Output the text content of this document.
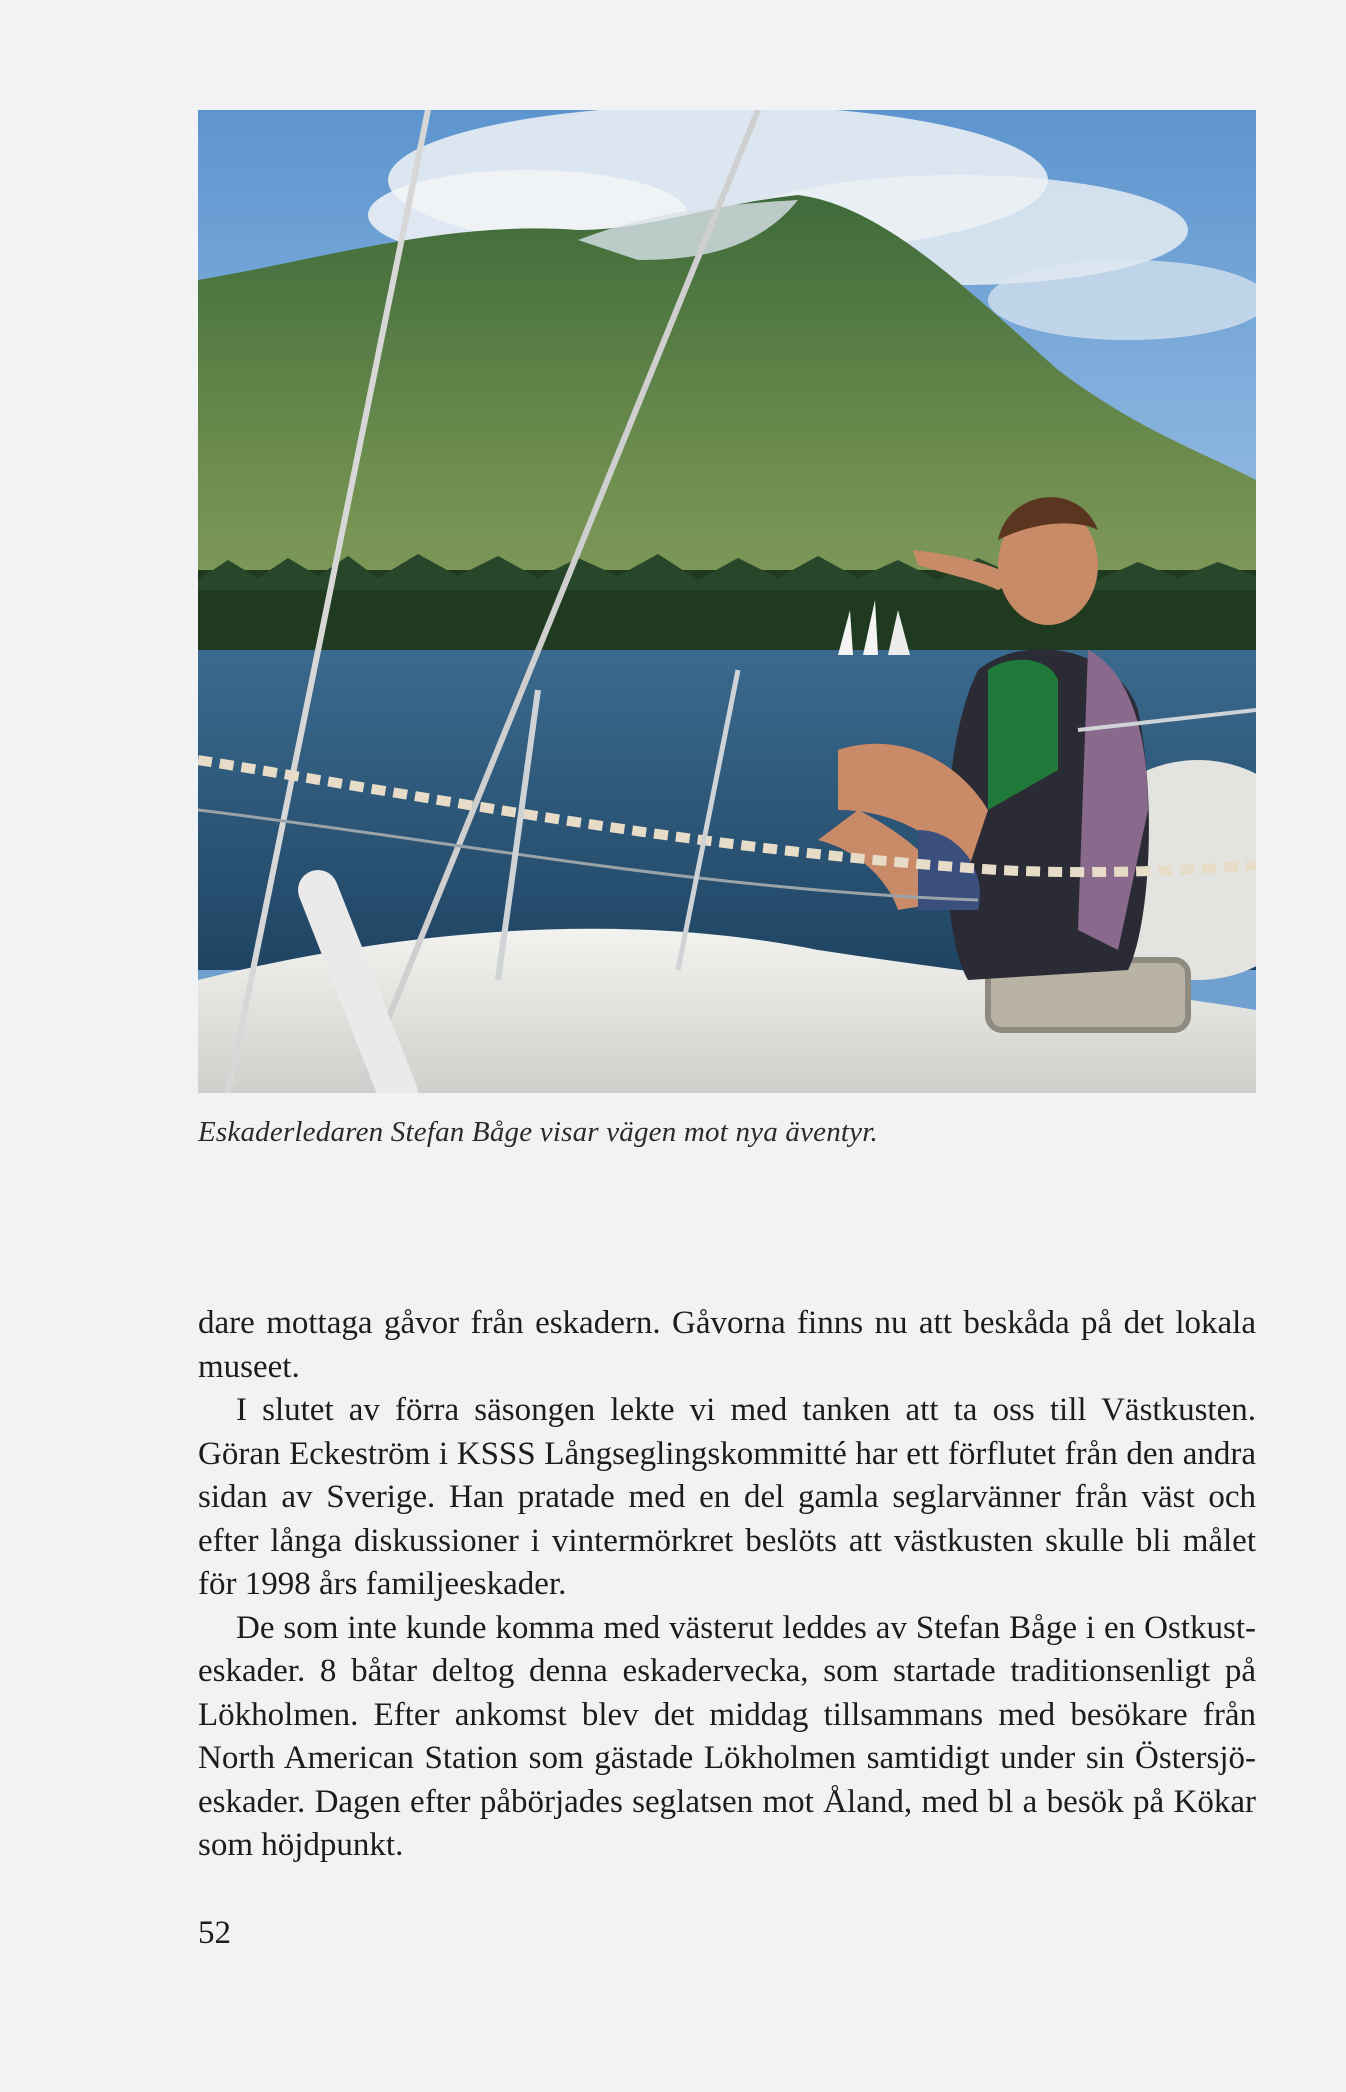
Eskaderledaren Stefan Båge visar vägen mot nya äventyr.

dare mottaga gåvor från eskadern. Gåvorna finns nu att beskåda på det lokala museet.

I slutet av förra säsongen lekte vi med tanken att ta oss till Västkusten. Göran Eckeström i KSSS Långseglingskommitté har ett förflutet från den andra sidan av Sverige. Han pratade med en del gamla seglarvänner från väst och efter långa diskussioner i vintermörkret beslöts att västkusten skulle bli målet för 1998 års familjeeskader.

De som inte kunde komma med västerut leddes av Stefan Båge i en Ostkust-eskader. 8 båtar deltog denna eskadervecka, som startade traditionsenligt på Lökholmen. Efter ankomst blev det middag tillsammans med besökare från North American Station som gästade Lökholmen samtidigt under sin Östersjö-eskader. Dagen efter påbörjades seglatsen mot Åland, med bl a besök på Kökar som höjdpunkt.

52
